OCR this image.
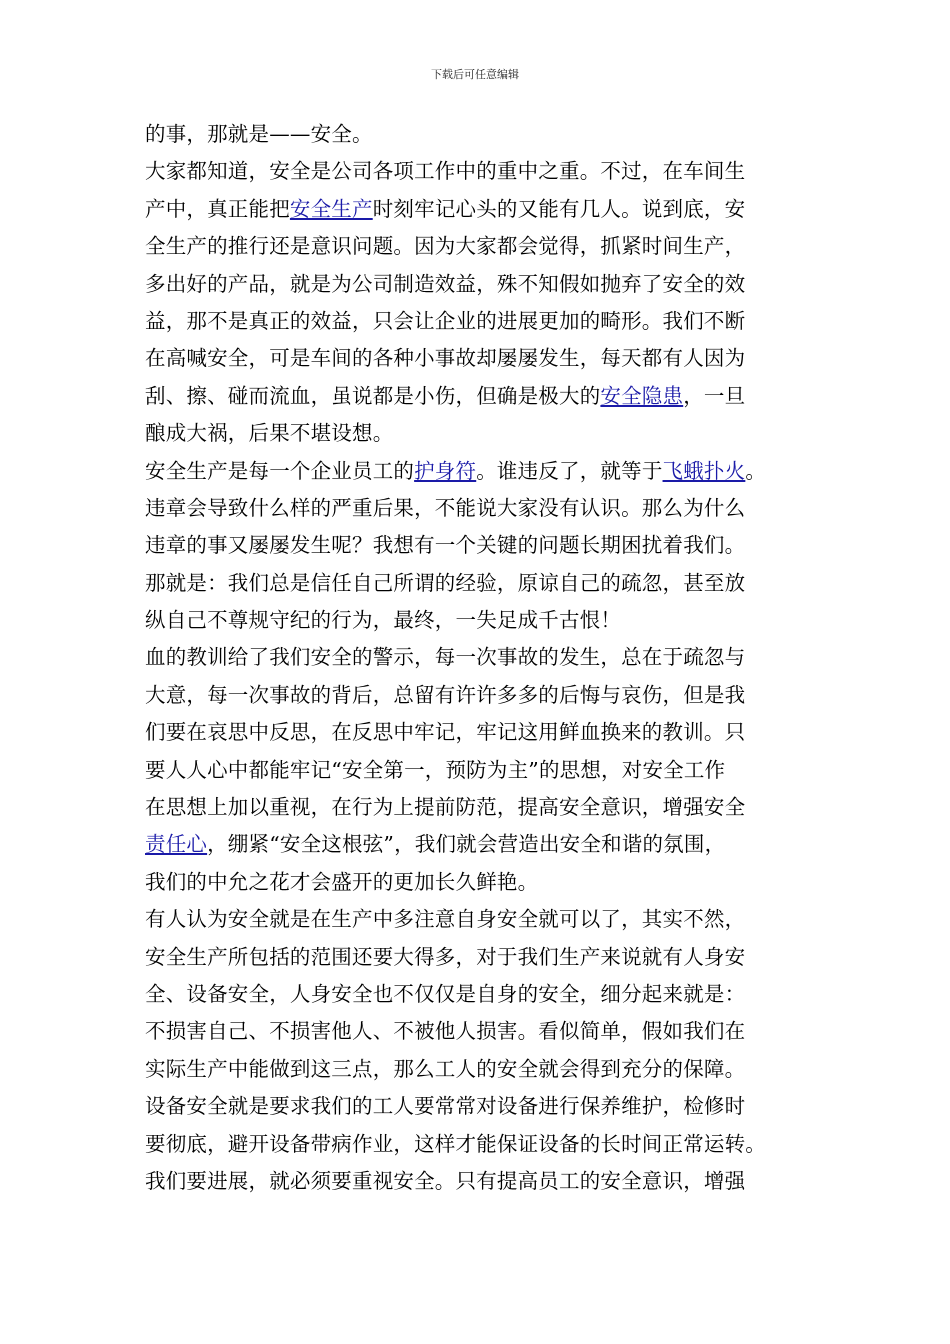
下载后可任意编辑
的事，那就是——安全。
大家都知道，安全是公司各项工作中的重中之重。不过，在车间生
产中，真正能把安全生产时刻牢记心头的又能有几人。说到底，安
全生产的推行还是意识问题。因为大家都会觉得，抓紧时间生产，
多出好的产品，就是为公司制造效益，殊不知假如抛弃了安全的效
益，那不是真正的效益，只会让企业的进展更加的畸形。我们不断
在高喊安全，可是车间的各种小事故却屡屡发生，每天都有人因为
刮、擦、碰而流血，虽说都是小伤，但确是极大的安全隐患，一旦
酿成大祸，后果不堪设想。
安全生产是每一个企业员工的护身符。谁违反了，就等于飞蛾扑火。
违章会导致什么样的严重后果，不能说大家没有认识。那么为什么
违章的事又屡屡发生呢？我想有一个关键的问题长期困扰着我们。
那就是：我们总是信任自己所谓的经验，原谅自己的疏忽，甚至放
纵自己不尊规守纪的行为，最终，一失足成千古恨！
血的教训给了我们安全的警示，每一次事故的发生，总在于疏忽与
大意，每一次事故的背后，总留有许许多多的后悔与哀伤，但是我
们要在哀思中反思，在反思中牢记，牢记这用鲜血换来的教训。只
要人人心中都能牢记“安全第一，预防为主”的思想，对安全工作
在思想上加以重视，在行为上提前防范，提高安全意识，增强安全
责任心，绷紧“安全这根弦”，我们就会营造出安全和谐的氛围，
我们的中允之花才会盛开的更加长久鲜艳。
有人认为安全就是在生产中多注意自身安全就可以了，其实不然，
安全生产所包括的范围还要大得多，对于我们生产来说就有人身安
全、设备安全，人身安全也不仅仅是自身的安全，细分起来就是：
不损害自己、不损害他人、不被他人损害。看似简单，假如我们在
实际生产中能做到这三点，那么工人的安全就会得到充分的保障。
设备安全就是要求我们的工人要常常对设备进行保养维护，检修时
要彻底，避开设备带病作业，这样才能保证设备的长时间正常运转。
我们要进展，就必须要重视安全。只有提高员工的安全意识，增强
